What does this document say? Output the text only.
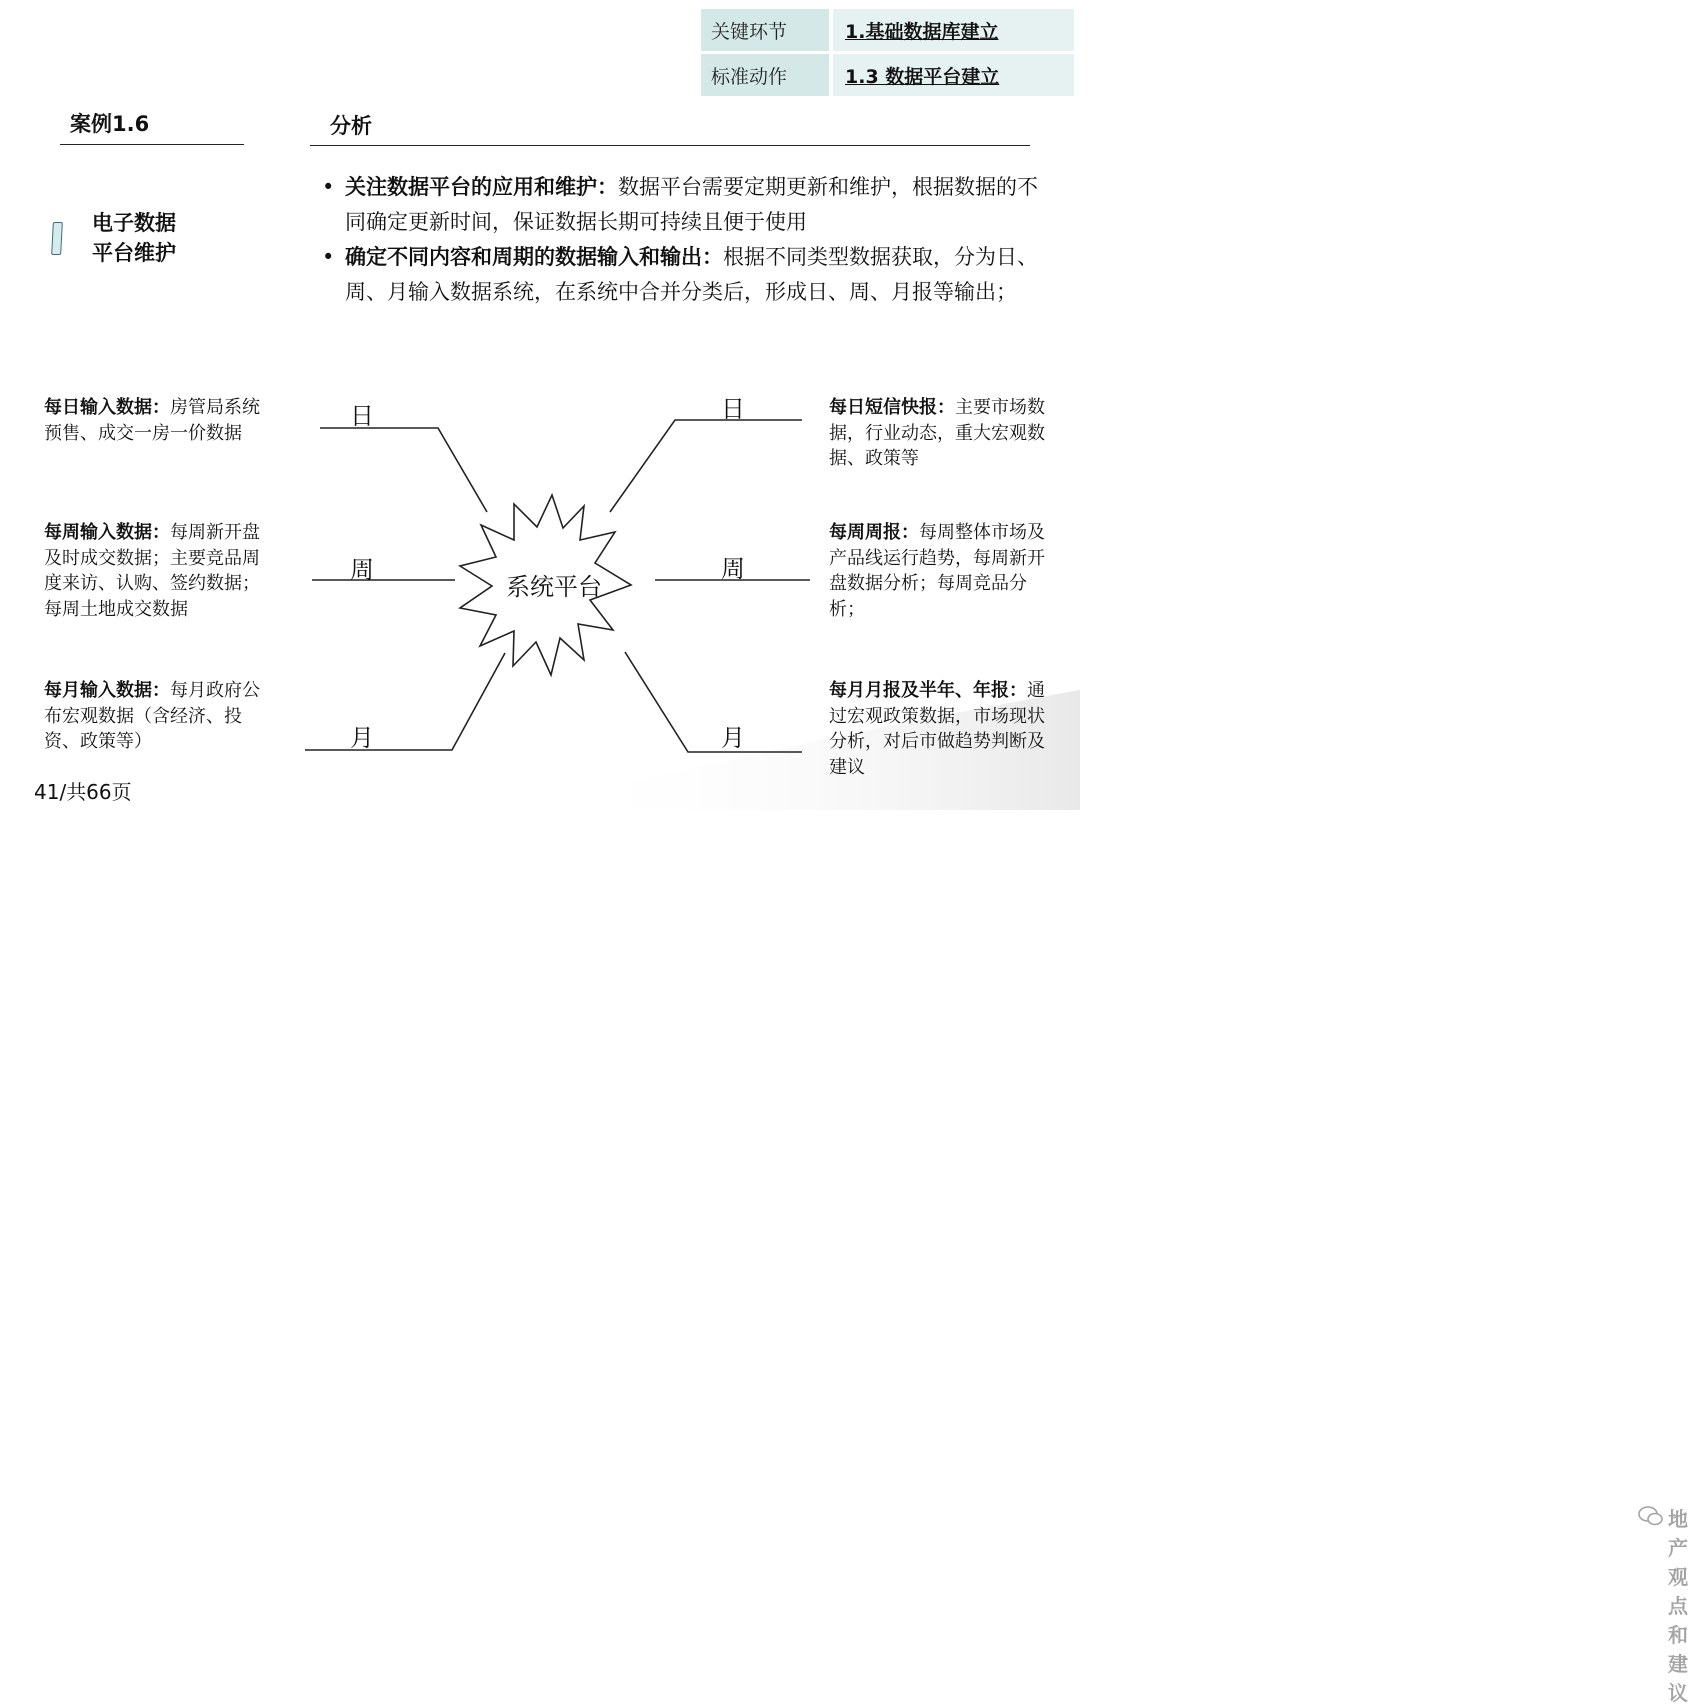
关键环节	1.基础数据库建立
标准动作	1.3 数据平台建立
案例1.6	分析
电子数据
平台维护
• 关注数据平台的应用和维护：数据平台需要定期更新和维护，根据数据的不同确定更新时间，保证数据长期可持续且便于使用
• 确定不同内容和周期的数据输入和输出：根据不同类型数据获取，分为日、周、月输入数据系统，在系统中合并分类后，形成日、周、月报等输出；
系统平台
日
周
月
日
周
月
每日输入数据：房管局系统预售、成交一房一价数据
每周输入数据：每周新开盘及时成交数据；主要竞品周度来访、认购、签约数据；每周土地成交数据
每月输入数据：每月政府公布宏观数据（含经济、投资、政策等）
每日短信快报：主要市场数据，行业动态，重大宏观数据、政策等
每周周报：每周整体市场及产品线运行趋势，每周新开盘数据分析；每周竞品分析；
每月月报及半年、年报：通过宏观政策数据，市场现状分析，对后市做趋势判断及建议
41/共66页
地产观点和建议
